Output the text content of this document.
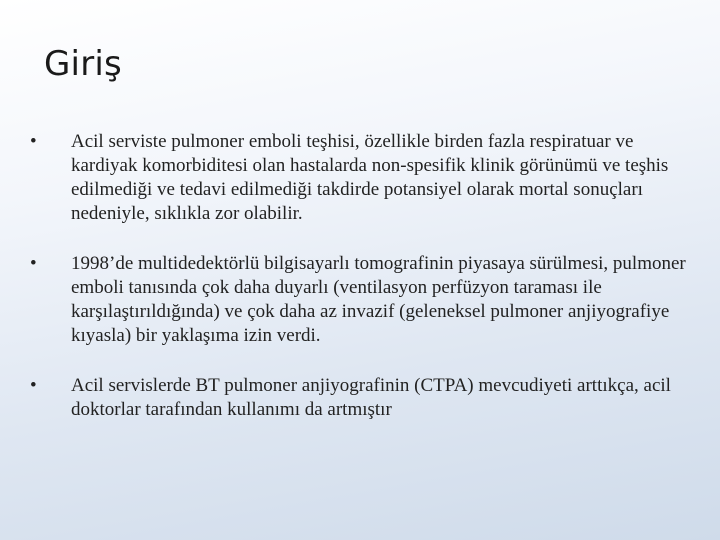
Giriş
•	Acil serviste pulmoner emboli teşhisi, özellikle birden fazla respiratuar ve kardiyak komorbiditesi olan hastalarda non-spesifik klinik görünümü ve teşhis edilmediği ve tedavi edilmediği takdirde potansiyel olarak mortal sonuçları nedeniyle, sıklıkla zor olabilir.
•	1998’de multidedektörlü bilgisayarlı tomografinin piyasaya sürülmesi, pulmoner emboli tanısında çok daha duyarlı (ventilasyon perfüzyon taraması ile karşılaştırıldığında) ve çok daha az invazif (geleneksel pulmoner anjiyografiye kıyasla) bir yaklaşıma izin verdi.
•	Acil servislerde BT pulmoner anjiyografinin (CTPA) mevcudiyeti arttıkça, acil doktorlar tarafından kullanımı da artmıştır
